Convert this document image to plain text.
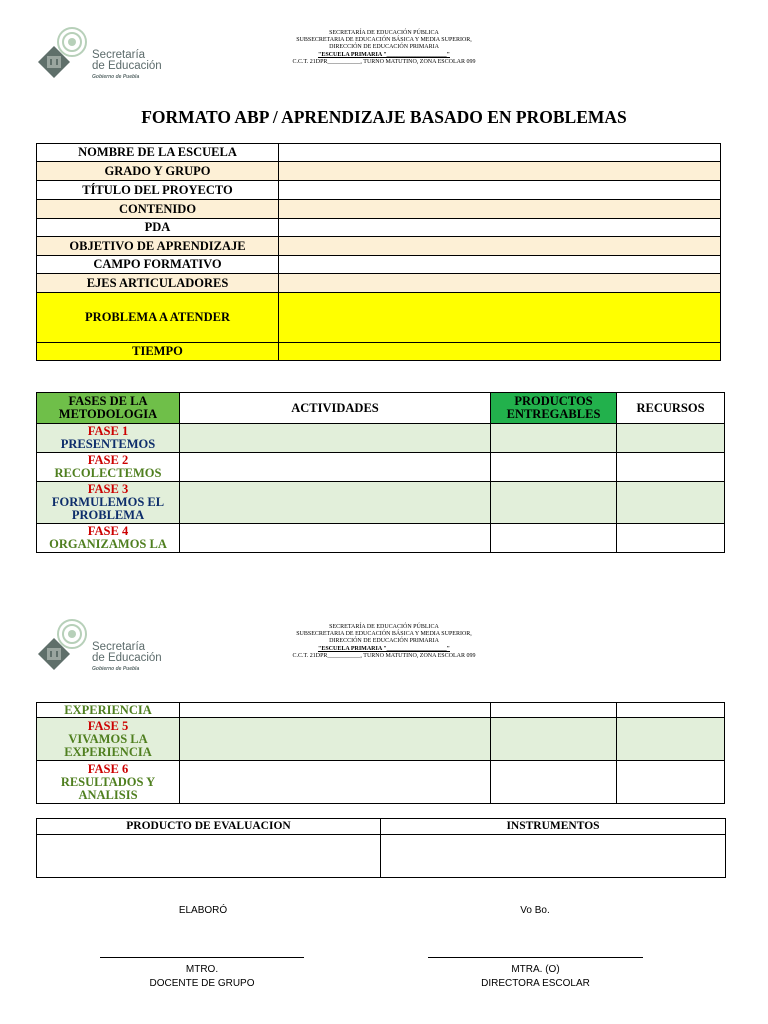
Secretaría
de Educación
Gobierno de Puebla
SECRETARÍA DE EDUCACIÓN PÚBLICA
SUBSECRETARIA DE EDUCACIÓN BÁSICA Y MEDIA SUPERIOR,
DIRECCIÓN DE EDUCACIÓN PRIMARIA
"ESCUELA PRIMARIA "____________________"
C.C.T. 21DPR___________, TURNO MATUTINO, ZONA ESCOLAR 099
FORMATO ABP / APRENDIZAJE BASADO EN PROBLEMAS
NOMBRE DE LA ESCUELA	
GRADO Y GRUPO	
TÍTULO DEL PROYECTO	
CONTENIDO	
PDA	
OBJETIVO DE APRENDIZAJE	
CAMPO FORMATIVO	
EJES ARTICULADORES	
PROBLEMA A ATENDER	
TIEMPO	
FASES DE LA METODOLOGIA	ACTIVIDADES	PRODUCTOS ENTREGABLES	RECURSOS

FASE 1
PRESENTEMOS			

FASE 2
RECOLECTEMOS			

FASE 3
FORMULEMOS EL PROBLEMA			

FASE 4
ORGANIZAMOS LA			

Secretaría
de Educación
Gobierno de Puebla
SECRETARÍA DE EDUCACIÓN PÚBLICA
SUBSECRETARIA DE EDUCACIÓN BÁSICA Y MEDIA SUPERIOR,
DIRECCIÓN DE EDUCACIÓN PRIMARIA
"ESCUELA PRIMARIA "____________________"
C.C.T. 21DPR___________, TURNO MATUTINO, ZONA ESCOLAR 099
EXPERIENCIA			

FASE 5
VIVAMOS LA EXPERIENCIA			

FASE 6
RESULTADOS Y ANALISIS			

PRODUCTO DE EVALUACION	INSTRUMENTOS

ELABORÓ	Vo Bo.
MTRO.
DOCENTE DE GRUPO
MTRA. (O)
DIRECTORA ESCOLAR
